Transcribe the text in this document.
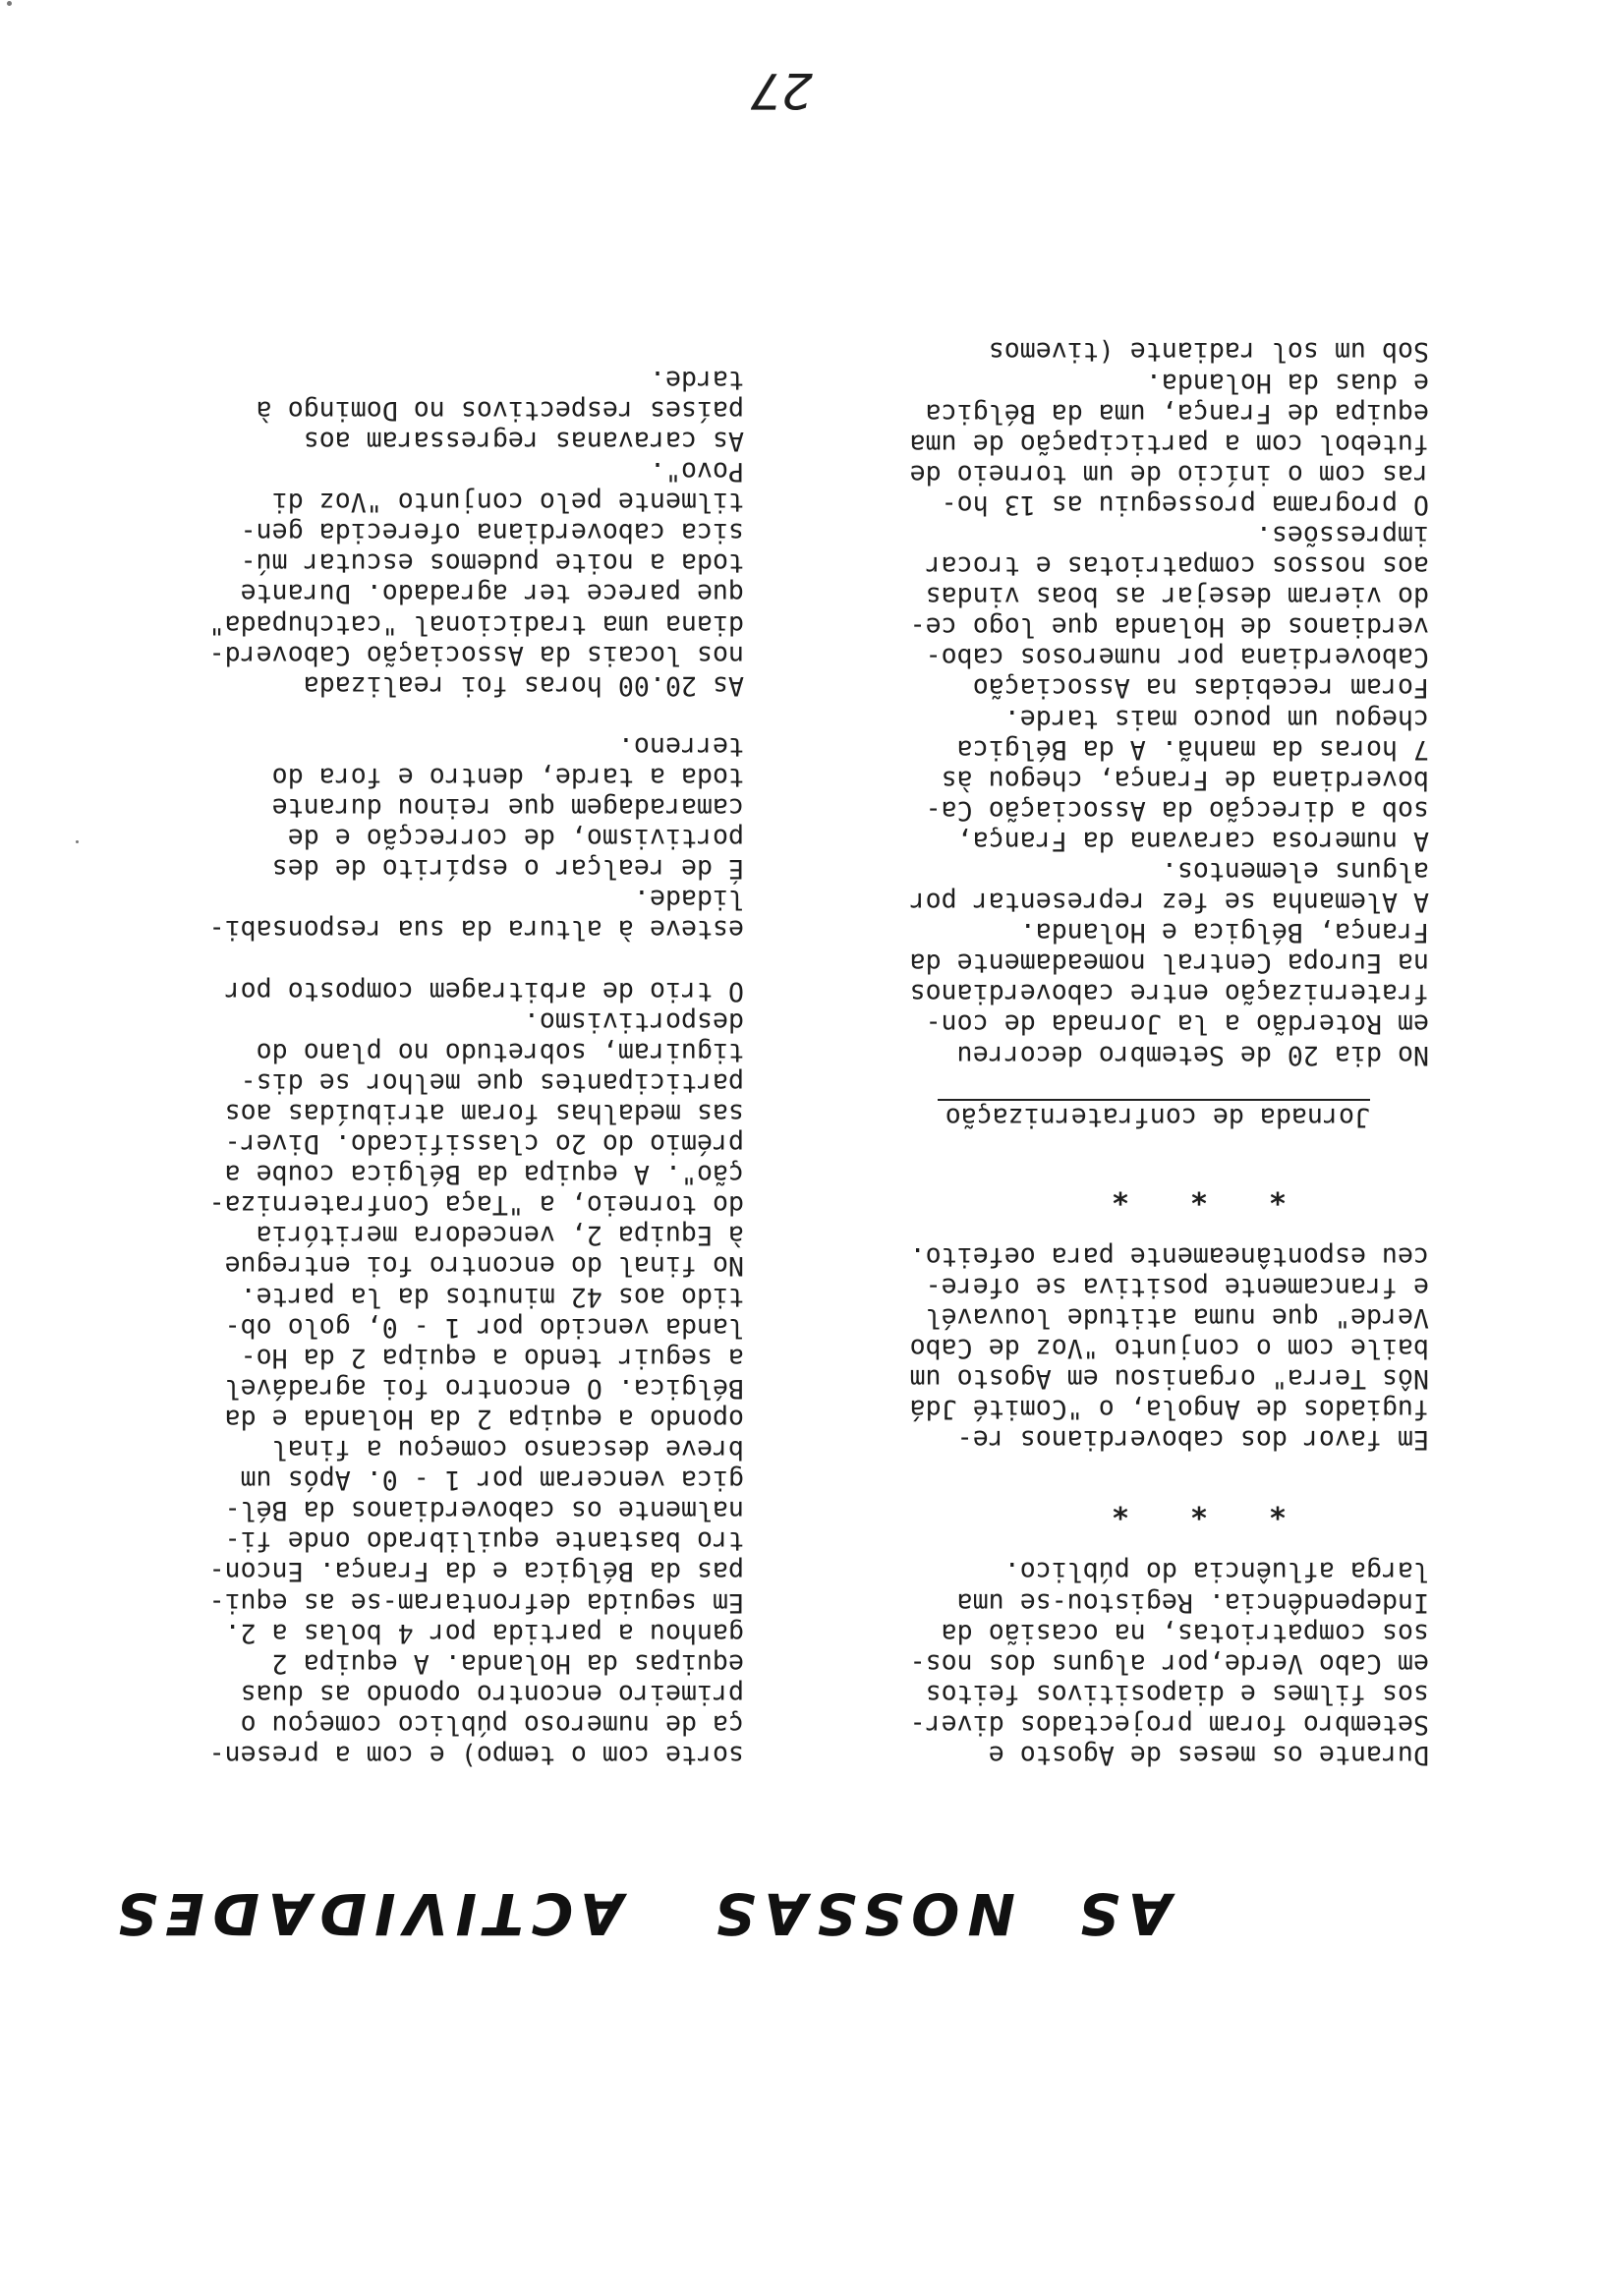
AS  NOSSAS   ACTIVIDADES
Durante os meses de Agosto e
Setembro foram projectados diver-
sos filmes e diapositivos feitos
em Cabo Verde,por alguns dos nos-
sos compatriotas, na ocasião da
Independência. Registou-se uma
larga afluência do público.
*
*
*
Em favor dos caboverdianos re-
fugiados de Angola, o "Comité Jdá
Nôs Terra" organisou em Agosto um
baile com o conjunto "Voz de Cabo
Verde" que numa atitude louvavél
e francamente positiva se ofere-
ceu espontâneamente para oefeito.
*
*
*

Jornada de confraternização

No dia 20 de Setembro decorreu
em Roterdão a la Jornada de con-
fraternização entre caboverdianos
na Europa Central nomeadamente da
França, Bélgica e Holanda.
A Alemanha se fez representar por
alguns elementos.
A numerosa caravana da França,
sob a direcção da Associação Ca-
boverdiana de França, chegou às
7 horas da manhã. A da Bélgica
chegou um pouco mais tarde.
Foram recebidas na Associação
Caboverdiana por numerosos cabo-
verdianos de Holanda que logo ce-
do vieram desejar as boas vindas
aos nossos compatriotas e trocar
impressões.
O programa prosseguiu as 13 ho-
ras com o início de um torneio de
futebol com a participação de uma
equipa de França, uma da Bélgica
e duas da Holanda.
Sob um sol radiante (tivemos
sorte com o tempo) e com a presen-
ça de numeroso público começou o
primeiro encontro opondo as duas
equipas da Holanda. A equipa 2
ganhou a partida por 4 bolas a 2.
Em seguida defrontaram-se as equi-
pas da Bélgica e da França. Encon-
tro bastante equilibrado onde fi-
nalmente os caboverdianos da Bél-
gica venceram por 1 - 0. Após um
breve descanso começou a final
opondo a equipa 2 da Holanda e da
Bélgica. O encontro foi agradável
a seguir tendo a equipa 2 da Ho-
landa vencido por 1 - 0, golo ob-
tido aos 42 minutos da la parte.
No final do encontro foi entregue
à Equipa 2, vencedora meritória
do torneio, a "Taça Confraterniza-
ção". A equipa da Bélgica coube a
prémio do 2o classificado. Diver-
sas medalhas foram atribuídas aos
participantes que melhor se dis-
tiguiram, sobretudo no plano do
desportivismo.
O trio de arbitragem composto por
esteve à altura da sua responsabi-
lidade.
É de realçar o espírito de des
portivismo, de correcção e de
camaradagem que reinou durante
toda a tarde, dentro e fora do
terreno.
As 20.00 horas foi realizada
nos locais da Associação Caboverd-
diana uma tradicional "catchupada"
que parece ter agradado. Durante
toda a noite pudemos escutar mú-
sica caboverdiana oferecida gen-
tilmente pelo conjunto "Voz di
Povo".
As caravanas regressaram aos
países respectivos no Domingo à
tarde.
27
